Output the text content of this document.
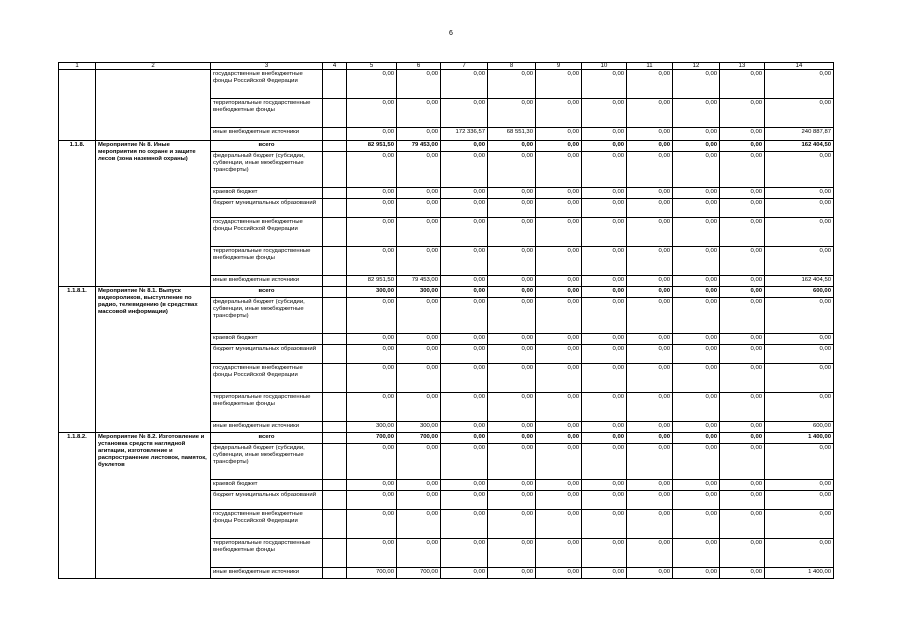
6
1	2	3	4	5	6	7	8	9	10	11	12	13	14
		государственные внебюджетные фонды Российской Федерации		0,00	0,00	0,00	0,00	0,00	0,00	0,00	0,00	0,00	0,00
		территориальные государственные внебюджетные фонды		0,00	0,00	0,00	0,00	0,00	0,00	0,00	0,00	0,00	0,00
		иные внебюджетные источники		0,00	0,00	172 336,57	68 551,30	0,00	0,00	0,00	0,00	0,00	240 887,87
1.1.8.	Мероприятие № 8. Иные мероприятия по охране и защите лесов (зона наземной охраны)	всего		82 951,50	79 453,00	0,00	0,00	0,00	0,00	0,00	0,00	0,00	162 404,50
		федеральный бюджет (субсидии, субвенции, иные межбюджетные трансферты)		0,00	0,00	0,00	0,00	0,00	0,00	0,00	0,00	0,00	0,00
		краевой бюджет		0,00	0,00	0,00	0,00	0,00	0,00	0,00	0,00	0,00	0,00
		бюджет муниципальных образований		0,00	0,00	0,00	0,00	0,00	0,00	0,00	0,00	0,00	0,00
		государственные внебюджетные фонды Российской Федерации		0,00	0,00	0,00	0,00	0,00	0,00	0,00	0,00	0,00	0,00
		территориальные государственные внебюджетные фонды		0,00	0,00	0,00	0,00	0,00	0,00	0,00	0,00	0,00	0,00
		иные внебюджетные источники		82 951,50	79 453,00	0,00	0,00	0,00	0,00	0,00	0,00	0,00	162 404,50
1.1.8.1.	Мероприятие № 8.1. Выпуск видеороликов, выступление по радио, телевидению (в средствах массовой информации)	всего		300,00	300,00	0,00	0,00	0,00	0,00	0,00	0,00	0,00	600,00
		федеральный бюджет (субсидии, субвенции, иные межбюджетные трансферты)		0,00	0,00	0,00	0,00	0,00	0,00	0,00	0,00	0,00	0,00
		краевой бюджет		0,00	0,00	0,00	0,00	0,00	0,00	0,00	0,00	0,00	0,00
		бюджет муниципальных образований		0,00	0,00	0,00	0,00	0,00	0,00	0,00	0,00	0,00	0,00
		государственные внебюджетные фонды Российской Федерации		0,00	0,00	0,00	0,00	0,00	0,00	0,00	0,00	0,00	0,00
		территориальные государственные внебюджетные фонды		0,00	0,00	0,00	0,00	0,00	0,00	0,00	0,00	0,00	0,00
		иные внебюджетные источники		300,00	300,00	0,00	0,00	0,00	0,00	0,00	0,00	0,00	600,00
1.1.8.2.	Мероприятие № 8.2. Изготовление и установка средств наглядной агитации, изготовление и распространение листовок, памяток, буклетов	всего		700,00	700,00	0,00	0,00	0,00	0,00	0,00	0,00	0,00	1 400,00
		федеральный бюджет (субсидии, субвенции, иные межбюджетные трансферты)		0,00	0,00	0,00	0,00	0,00	0,00	0,00	0,00	0,00	0,00
		краевой бюджет		0,00	0,00	0,00	0,00	0,00	0,00	0,00	0,00	0,00	0,00
		бюджет муниципальных образований		0,00	0,00	0,00	0,00	0,00	0,00	0,00	0,00	0,00	0,00
		государственные внебюджетные фонды Российской Федерации		0,00	0,00	0,00	0,00	0,00	0,00	0,00	0,00	0,00	0,00
		территориальные государственные внебюджетные фонды		0,00	0,00	0,00	0,00	0,00	0,00	0,00	0,00	0,00	0,00
		иные внебюджетные источники		700,00	700,00	0,00	0,00	0,00	0,00	0,00	0,00	0,00	1 400,00
